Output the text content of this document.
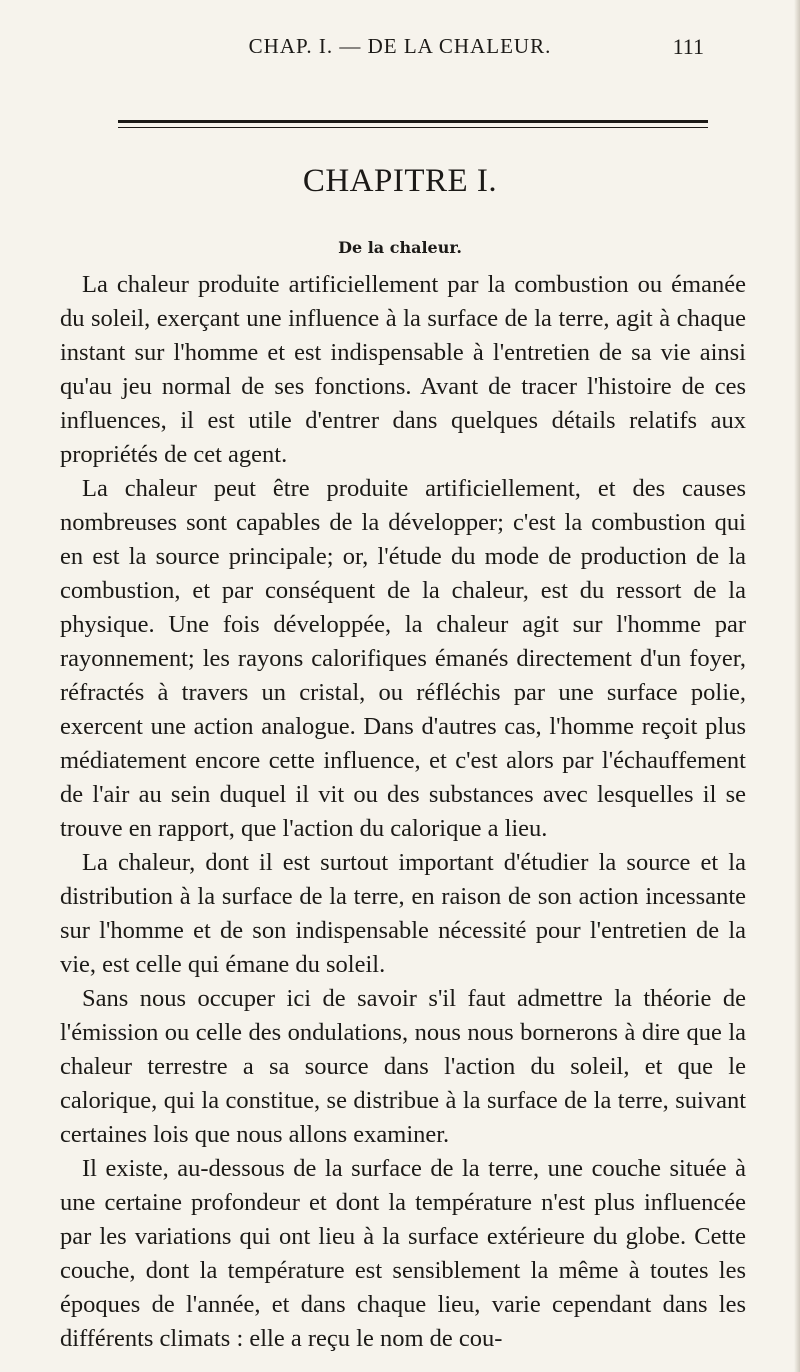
CHAP. I. — DE LA CHALEUR.	111
CHAPITRE I.
De la chaleur.

La chaleur produite artificiellement par la combustion ou émanée du soleil, exerçant une influence à la surface de la terre, agit à chaque instant sur l'homme et est indispensable à l'entretien de sa vie ainsi qu'au jeu normal de ses fonctions. Avant de tracer l'histoire de ces influences, il est utile d'entrer dans quelques détails relatifs aux propriétés de cet agent.

La chaleur peut être produite artificiellement, et des causes nombreuses sont capables de la développer; c'est la combustion qui en est la source principale; or, l'étude du mode de production de la combustion, et par conséquent de la chaleur, est du ressort de la physique. Une fois développée, la chaleur agit sur l'homme par rayonnement; les rayons calorifiques émanés directement d'un foyer, réfractés à travers un cristal, ou réfléchis par une surface polie, exercent une action analogue. Dans d'autres cas, l'homme reçoit plus médiatement encore cette influence, et c'est alors par l'échauffement de l'air au sein duquel il vit ou des substances avec lesquelles il se trouve en rapport, que l'action du calorique a lieu.

La chaleur, dont il est surtout important d'étudier la source et la distribution à la surface de la terre, en raison de son action incessante sur l'homme et de son indispensable nécessité pour l'entretien de la vie, est celle qui émane du soleil.

Sans nous occuper ici de savoir s'il faut admettre la théorie de l'émission ou celle des ondulations, nous nous bornerons à dire que la chaleur terrestre a sa source dans l'action du soleil, et que le calorique, qui la constitue, se distribue à la surface de la terre, suivant certaines lois que nous allons examiner.

Il existe, au-dessous de la surface de la terre, une couche située à une certaine profondeur et dont la température n'est plus influencée par les variations qui ont lieu à la surface extérieure du globe. Cette couche, dont la température est sensiblement la même à toutes les époques de l'année, et dans chaque lieu, varie cependant dans les différents climats : elle a reçu le nom de cou-
